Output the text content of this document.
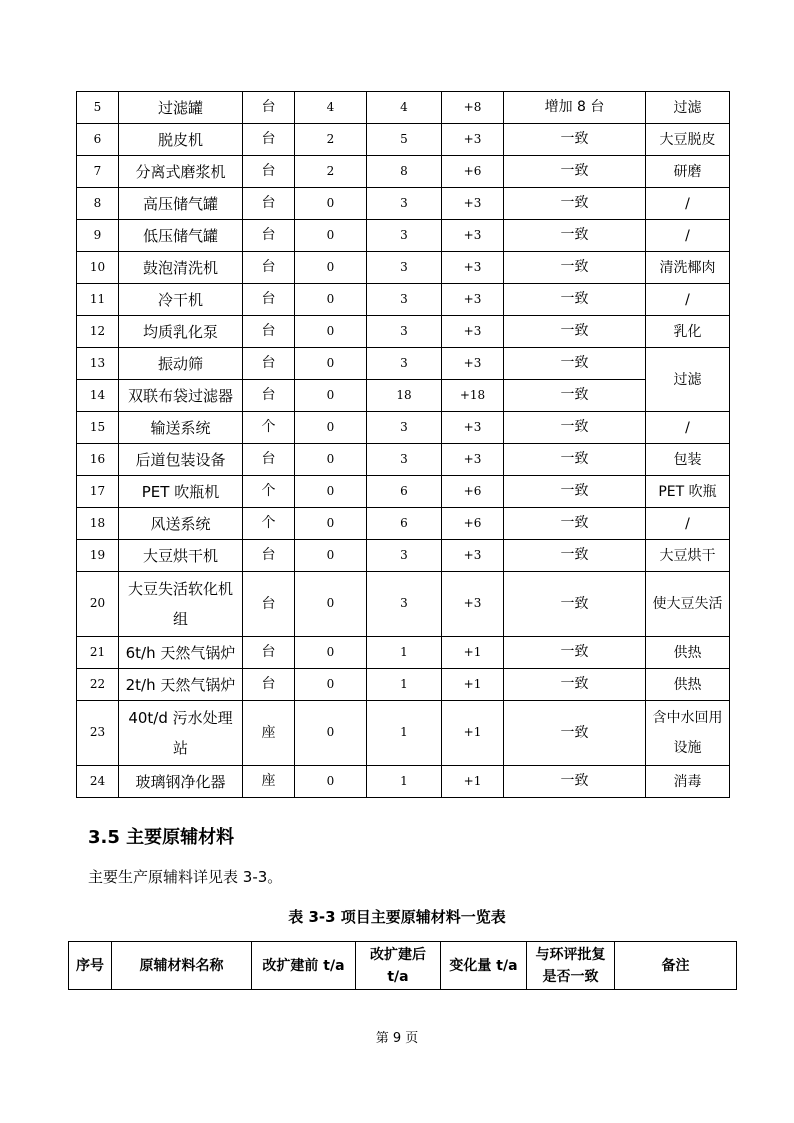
5	过滤罐	台	4	4	+8	增加 8 台	过滤
6	脱皮机	台	2	5	+3	一致	大豆脱皮
7	分离式磨浆机	台	2	8	+6	一致	研磨
8	高压储气罐	台	0	3	+3	一致	/
9	低压储气罐	台	0	3	+3	一致	/
10	鼓泡清洗机	台	0	3	+3	一致	清洗椰肉
11	冷干机	台	0	3	+3	一致	/
12	均质乳化泵	台	0	3	+3	一致	乳化
13	振动筛	台	0	3	+3	一致	过滤
14	双联布袋过滤器	台	0	18	+18	一致	
15	输送系统	个	0	3	+3	一致	/
16	后道包装设备	台	0	3	+3	一致	包装
17	PET 吹瓶机	个	0	6	+6	一致	PET 吹瓶
18	风送系统	个	0	6	+6	一致	/
19	大豆烘干机	台	0	3	+3	一致	大豆烘干
20	大豆失活软化机组	台	0	3	+3	一致	使大豆失活
21	6t/h 天然气锅炉	台	0	1	+1	一致	供热
22	2t/h 天然气锅炉	台	0	1	+1	一致	供热
23	40t/d 污水处理站	座	0	1	+1	一致	含中水回用设施
24	玻璃钢净化器	座	0	1	+1	一致	消毒
3.5 主要原辅材料
主要生产原辅料详见表 3-3。
表 3-3 项目主要原辅材料一览表
序号	原辅材料名称	改扩建前 t/a	改扩建后 t/a	变化量 t/a	与环评批复是否一致	备注
第 9 页
